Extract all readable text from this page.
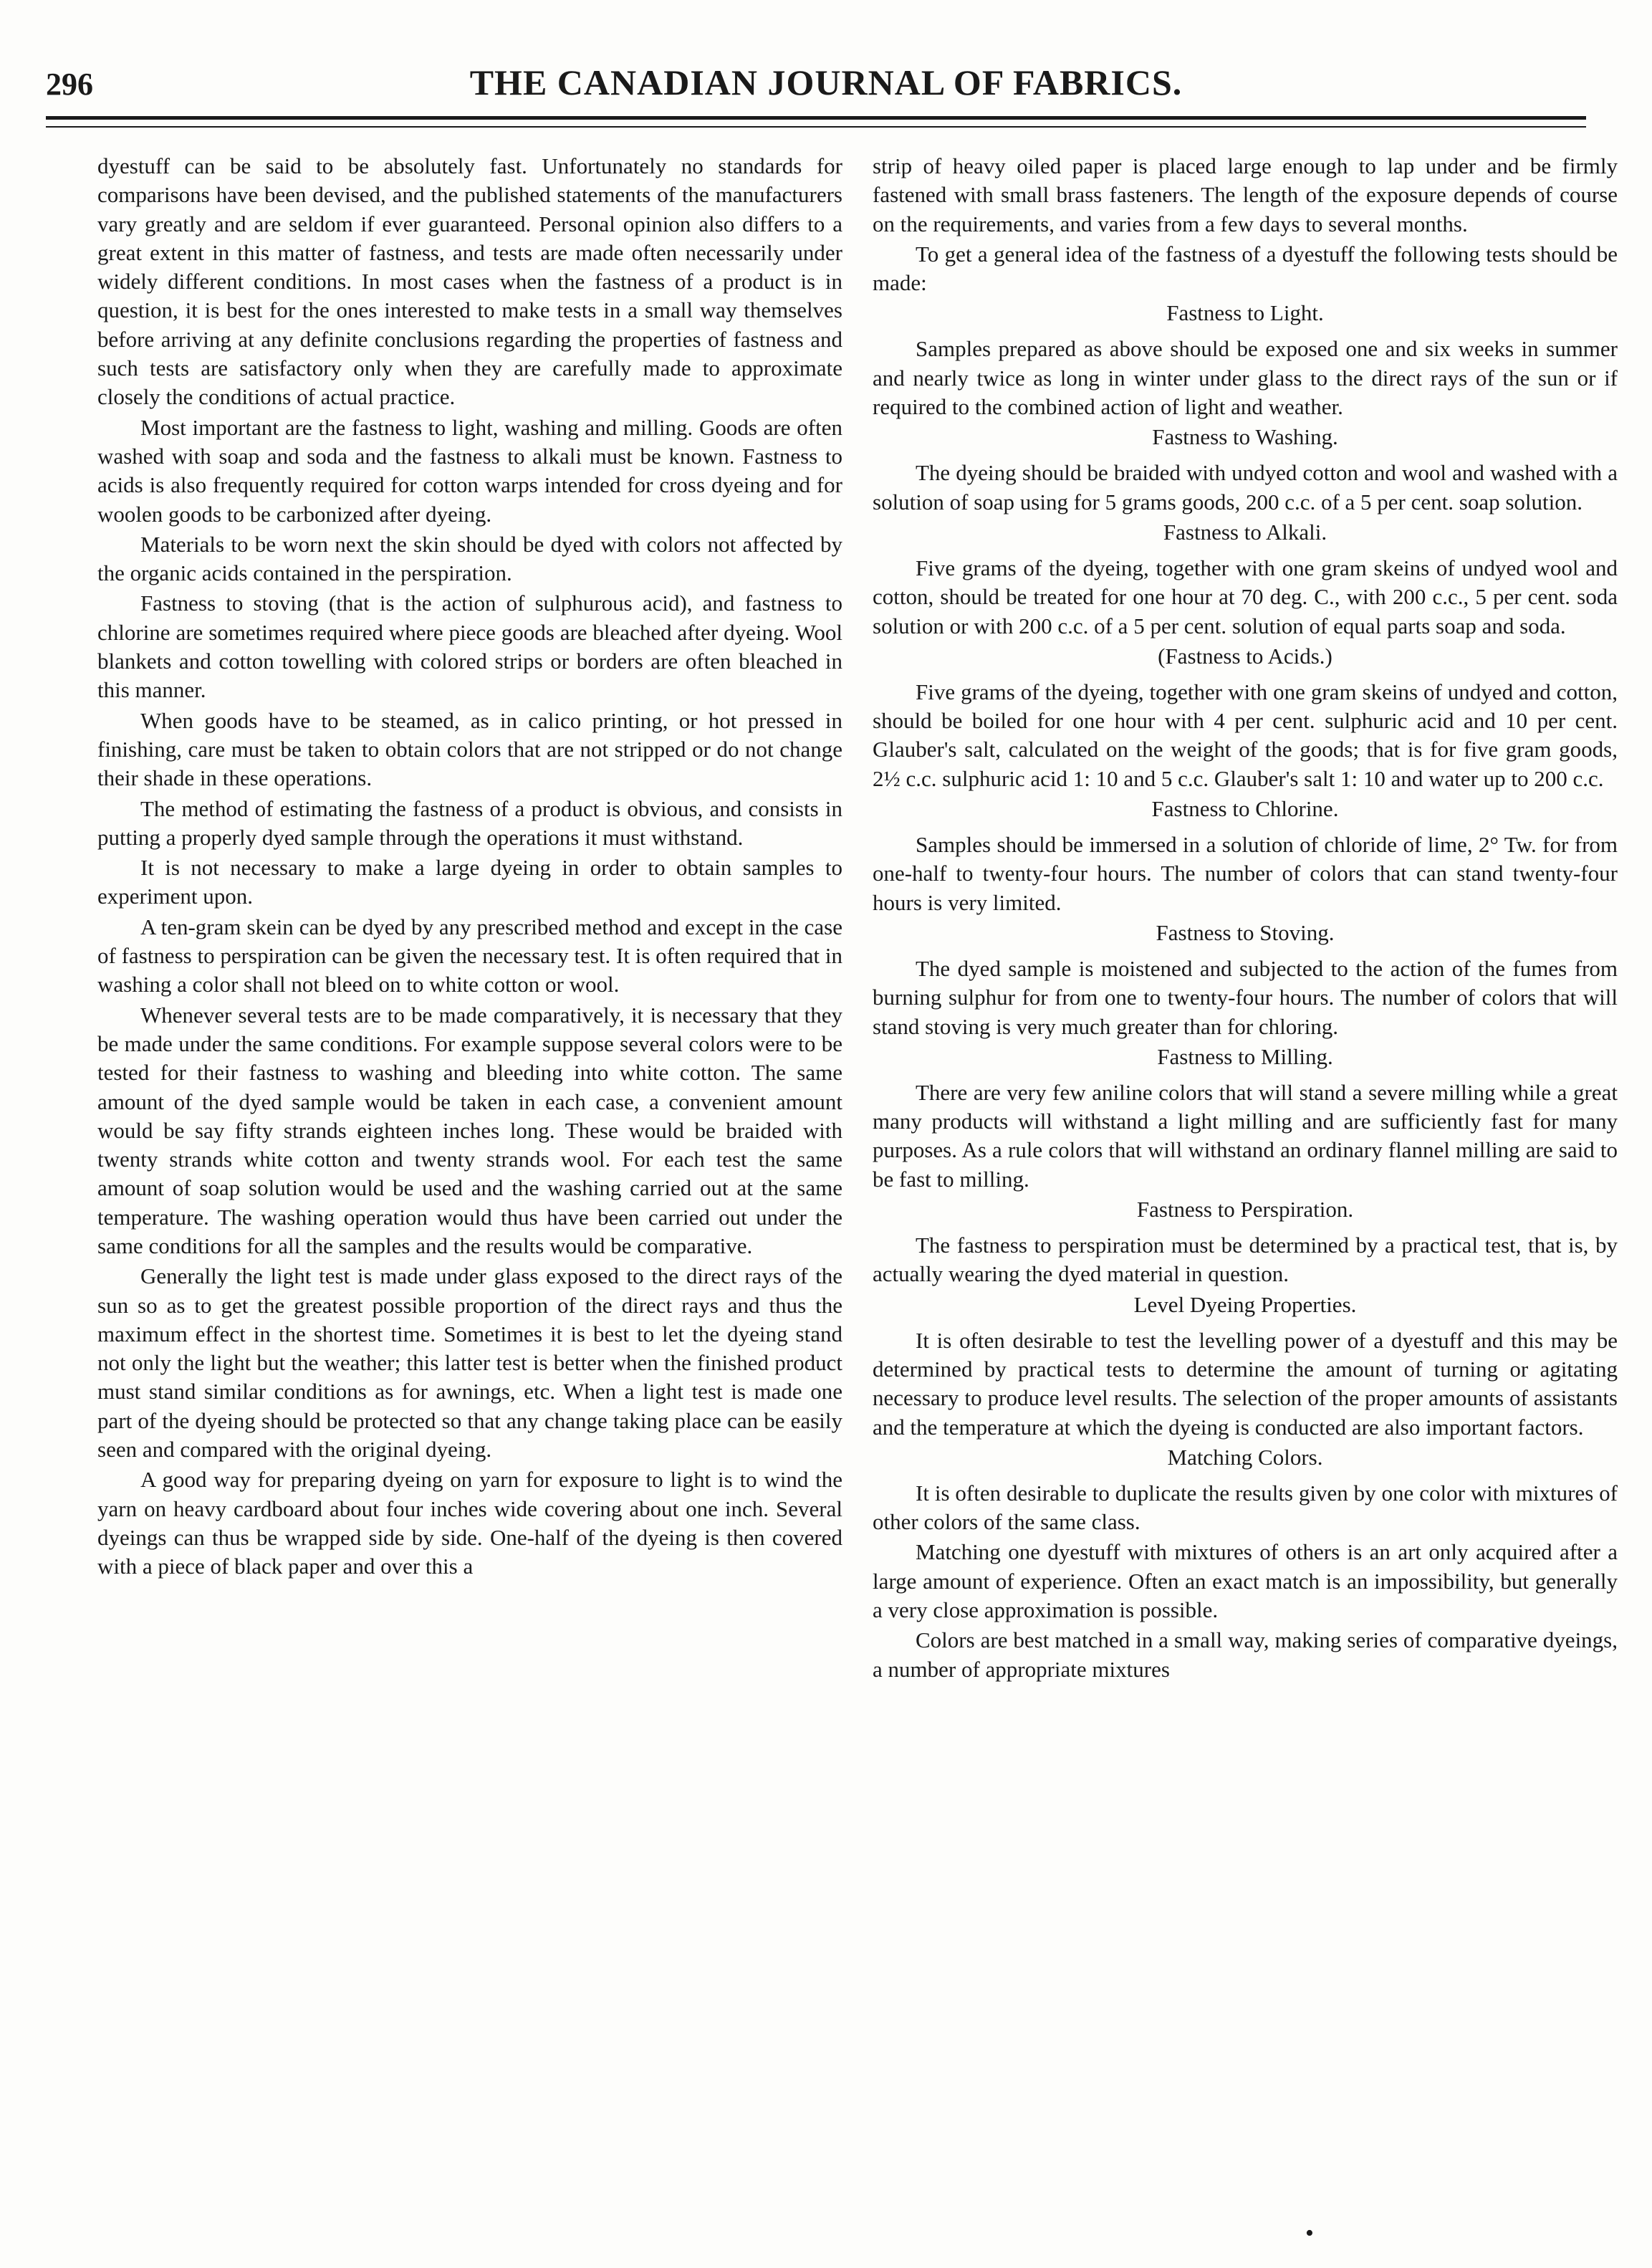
296	THE CANADIAN JOURNAL OF FABRICS.

dyestuff can be said to be absolutely fast. Unfortunately no standards for comparisons have been devised, and the published statements of the manufacturers vary greatly and are seldom if ever guaranteed. Personal opinion also differs to a great extent in this matter of fastness, and tests are made often necessarily under widely different conditions. In most cases when the fastness of a product is in question, it is best for the ones interested to make tests in a small way themselves before arriving at any definite conclusions regarding the properties of fastness and such tests are satisfactory only when they are carefully made to approximate closely the conditions of actual practice.

Most important are the fastness to light, washing and milling. Goods are often washed with soap and soda and the fastness to alkali must be known. Fastness to acids is also frequently required for cotton warps intended for cross dyeing and for woolen goods to be carbonized after dyeing.

Materials to be worn next the skin should be dyed with colors not affected by the organic acids contained in the perspiration.

Fastness to stoving (that is the action of sulphurous acid), and fastness to chlorine are sometimes required where piece goods are bleached after dyeing. Wool blankets and cotton towelling with colored strips or borders are often bleached in this manner.

When goods have to be steamed, as in calico printing, or hot pressed in finishing, care must be taken to obtain colors that are not stripped or do not change their shade in these operations.

The method of estimating the fastness of a product is obvious, and consists in putting a properly dyed sample through the operations it must withstand.

It is not necessary to make a large dyeing in order to obtain samples to experiment upon.

A ten-gram skein can be dyed by any prescribed method and except in the case of fastness to perspiration can be given the necessary test. It is often required that in washing a color shall not bleed on to white cotton or wool.

Whenever several tests are to be made comparatively, it is necessary that they be made under the same conditions. For example suppose several colors were to be tested for their fastness to washing and bleeding into white cotton. The same amount of the dyed sample would be taken in each case, a convenient amount would be say fifty strands eighteen inches long. These would be braided with twenty strands white cotton and twenty strands wool. For each test the same amount of soap solution would be used and the washing carried out at the same temperature. The washing operation would thus have been carried out under the same conditions for all the samples and the results would be comparative.

Generally the light test is made under glass exposed to the direct rays of the sun so as to get the greatest possible proportion of the direct rays and thus the maximum effect in the shortest time. Sometimes it is best to let the dyeing stand not only the light but the weather; this latter test is better when the finished product must stand similar conditions as for awnings, etc. When a light test is made one part of the dyeing should be protected so that any change taking place can be easily seen and compared with the original dyeing.

A good way for preparing dyeing on yarn for exposure to light is to wind the yarn on heavy cardboard about four inches wide covering about one inch. Several dyeings can thus be wrapped side by side. One-half of the dyeing is then covered with a piece of black paper and over this a

strip of heavy oiled paper is placed large enough to lap under and be firmly fastened with small brass fasteners. The length of the exposure depends of course on the requirements, and varies from a few days to several months.

To get a general idea of the fastness of a dyestuff the following tests should be made:

Fastness to Light.

Samples prepared as above should be exposed one and six weeks in summer and nearly twice as long in winter under glass to the direct rays of the sun or if required to the combined action of light and weather.

Fastness to Washing.

The dyeing should be braided with undyed cotton and wool and washed with a solution of soap using for 5 grams goods, 200 c.c. of a 5 per cent. soap solution.

Fastness to Alkali.

Five grams of the dyeing, together with one gram skeins of undyed wool and cotton, should be treated for one hour at 70 deg. C., with 200 c.c., 5 per cent. soda solution or with 200 c.c. of a 5 per cent. solution of equal parts soap and soda.

(Fastness to Acids.)

Five grams of the dyeing, together with one gram skeins of undyed and cotton, should be boiled for one hour with 4 per cent. sulphuric acid and 10 per cent. Glauber's salt, calculated on the weight of the goods; that is for five gram goods, 2½ c.c. sulphuric acid 1: 10 and 5 c.c. Glauber's salt 1: 10 and water up to 200 c.c.

Fastness to Chlorine.

Samples should be immersed in a solution of chloride of lime, 2° Tw. for from one-half to twenty-four hours. The number of colors that can stand twenty-four hours is very limited.

Fastness to Stoving.

The dyed sample is moistened and subjected to the action of the fumes from burning sulphur for from one to twenty-four hours. The number of colors that will stand stoving is very much greater than for chloring.

Fastness to Milling.

There are very few aniline colors that will stand a severe milling while a great many products will withstand a light milling and are sufficiently fast for many purposes. As a rule colors that will withstand an ordinary flannel milling are said to be fast to milling.

Fastness to Perspiration.

The fastness to perspiration must be determined by a practical test, that is, by actually wearing the dyed material in question.

Level Dyeing Properties.

It is often desirable to test the levelling power of a dyestuff and this may be determined by practical tests to determine the amount of turning or agitating necessary to produce level results. The selection of the proper amounts of assistants and the temperature at which the dyeing is conducted are also important factors.

Matching Colors.

It is often desirable to duplicate the results given by one color with mixtures of other colors of the same class.

Matching one dyestuff with mixtures of others is an art only acquired after a large amount of experience. Often an exact match is an impossibility, but generally a very close approximation is possible.

Colors are best matched in a small way, making series of comparative dyeings, a number of appropriate mixtures

•
